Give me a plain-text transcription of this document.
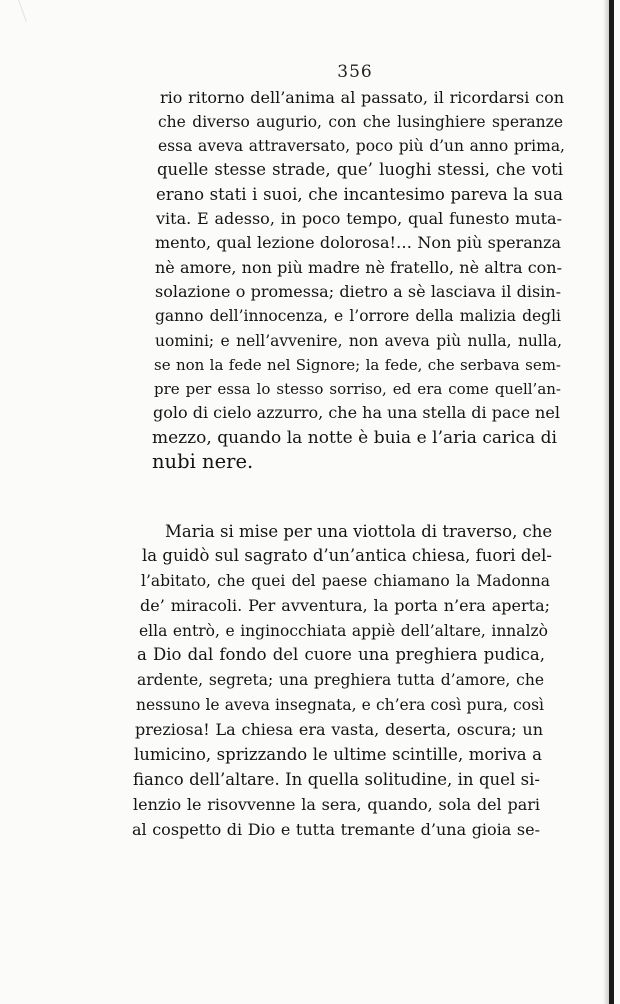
356
rio ritorno dell’anima al passato, il ricordarsi con
che diverso augurio, con che lusinghiere speranze
essa aveva attraversato, poco più d’un anno prima,
quelle stesse strade, que’ luoghi stessi, che voti
erano stati i suoi, che incantesimo pareva la sua
vita. E adesso, in poco tempo, qual funesto muta-
mento, qual lezione dolorosa!… Non più speranza
nè amore, non più madre nè fratello, nè altra con-
solazione o promessa; dietro a sè lasciava il disin-
ganno dell’innocenza, e l’orrore della malizia degli
uomini; e nell’avvenire, non aveva più nulla, nulla,
se non la fede nel Signore; la fede, che serbava sem-
pre per essa lo stesso sorriso, ed era come quell’an-
golo di cielo azzurro, che ha una stella di pace nel
mezzo, quando la notte è buia e l’aria carica di
nubi nere.
Maria si mise per una viottola di traverso, che
la guidò sul sagrato d’un’antica chiesa, fuori del-
l’abitato, che quei del paese chiamano la Madonna
de’ miracoli. Per avventura, la porta n’era aperta;
ella entrò, e inginocchiata appiè dell’altare, innalzò
a Dio dal fondo del cuore una preghiera pudica,
ardente, segreta; una preghiera tutta d’amore, che
nessuno le aveva insegnata, e ch’era così pura, così
preziosa! La chiesa era vasta, deserta, oscura; un
lumicino, sprizzando le ultime scintille, moriva a
fianco dell’altare. In quella solitudine, in quel si-
lenzio le risovvenne la sera, quando, sola del pari
al cospetto di Dio e tutta tremante d’una gioia se-
